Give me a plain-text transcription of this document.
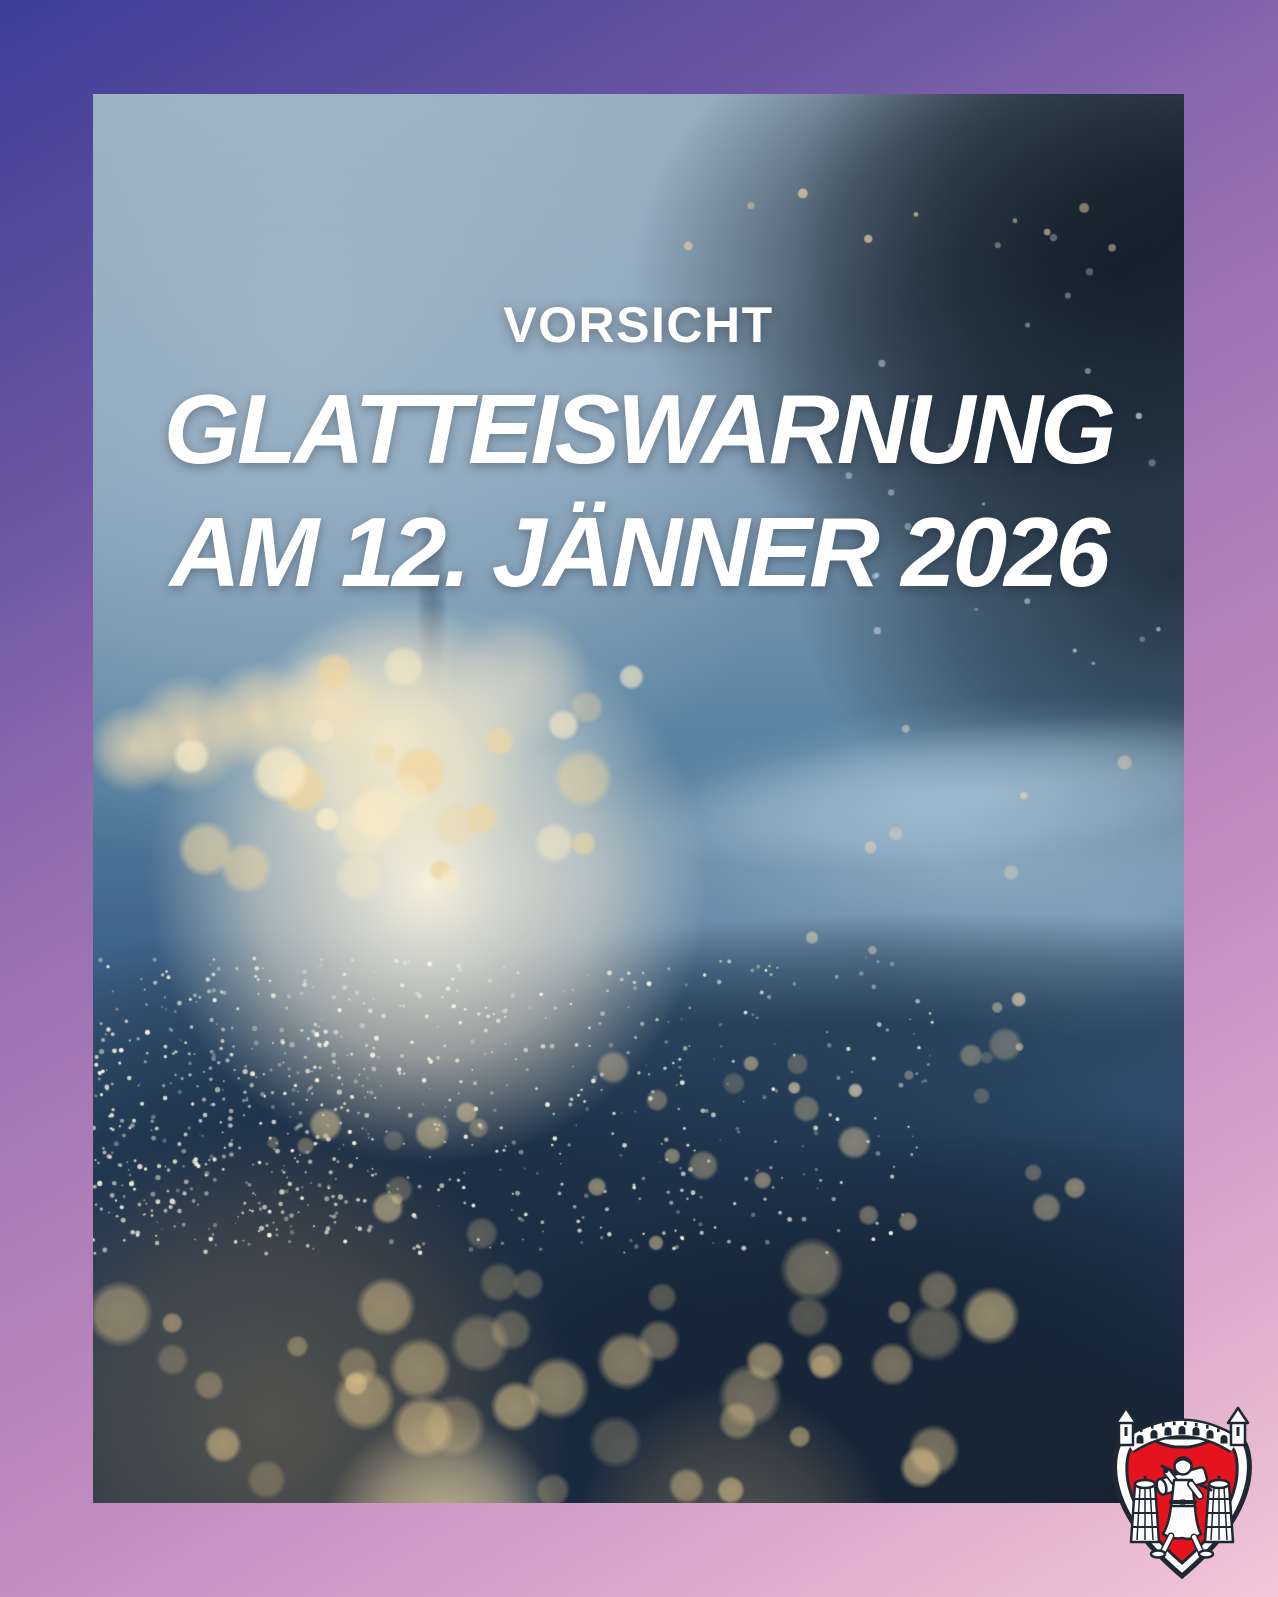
VORSICHT
GLATTEISWARNUNG
AM 12. JÄNNER 2026
